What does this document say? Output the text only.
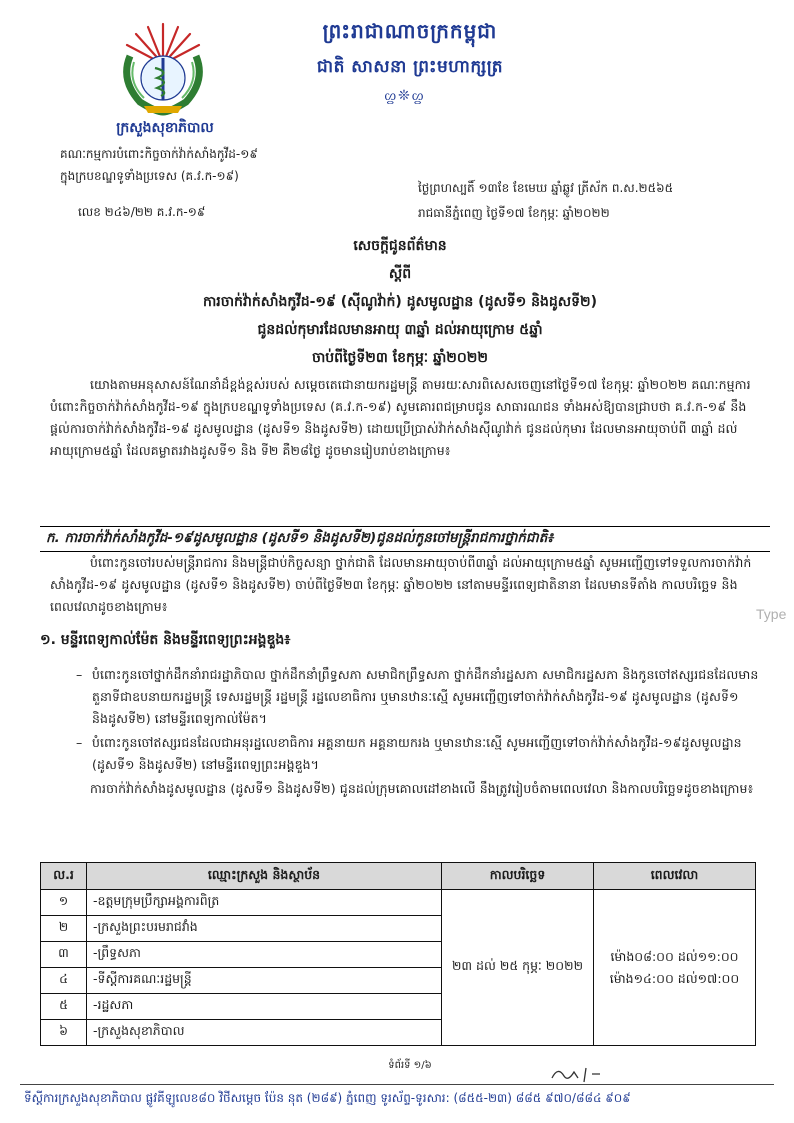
ព្រះរាជាណាចក្រកម្ពុជា
ជាតិ សាសនា ព្រះមហាក្សត្រ
ᦛ❊ᦛ
ក្រសួងសុខាភិបាល
គណៈកម្មការបំពោះកិច្ចចាក់វ៉ាក់សាំងកូវីដ-១៩
ក្នុងក្របខណ្ឌទូទាំងប្រទេស (គ.វ.ក-១៩)
លេខ ២៤៦/២២ គ.វ.ក-១៩
ថ្ងៃព្រហស្បតិ៍ ១៣ខែ ខែមេឃ ឆ្នាំឆ្លូវ ត្រីស័ក ព.ស.២៥៦៥
រាជធានីភ្នំពេញ ថ្ងៃទី១៧ ខែកុម្ភៈ ឆ្នាំ២០២២
សេចក្តីជូនព័ត៌មាន
ស្តីពី
ការចាក់វ៉ាក់សាំងកូវីដ-១៩ (ស៊ីណូវ៉ាក់) ដូសមូលដ្ឋាន (ដូសទី១ និងដូសទី២)
ជូនដល់កុមារដែលមានអាយុ ៣ឆ្នាំ ដល់អាយុក្រោម ៥ឆ្នាំ
ចាប់ពីថ្ងៃទី២៣ ខែកុម្ភៈ ឆ្នាំ២០២២

យោងតាមអនុសាសន៍ណែនាំដ៏ខ្ពង់ខ្ពស់របស់ សម្តេចតេជោនាយករដ្ឋមន្ត្រី តាមរយៈសារពិសេសចេញនៅថ្ងៃទី១៧ ខែកុម្ភៈ ឆ្នាំ២០២២ គណៈកម្មការបំពោះកិច្ចចាក់វ៉ាក់សាំងកូវីដ-១៩ ក្នុងក្របខណ្ឌទូទាំងប្រទេស (គ.វ.ក-១៩) សូមគោរពជម្រាបជូន សាធារណជន ទាំងអស់ឱ្យបានជ្រាបថា គ.វ.ក-១៩ នឹងផ្តល់ការចាក់វ៉ាក់សាំងកូវីដ-១៩ ដូសមូលដ្ឋាន (ដូសទី១ និងដូសទី២) ដោយប្រើប្រាស់វ៉ាក់សាំងស៊ីណូវ៉ាក់ ជូនដល់កុមារ ដែលមានអាយុចាប់ពី ៣ឆ្នាំ ដល់អាយុក្រោម៥ឆ្នាំ ដែលគម្លាតរវាងដូសទី១ និង ទី២ គឺ២៨ថ្ងៃ ដូចមានរៀបរាប់ខាងក្រោម៖

ក. ការចាក់វ៉ាក់សាំងកូវីដ-១៩ដូសមូលដ្ឋាន (ដូសទី១ និងដូសទី២)ជូនដល់កូនចៅមន្ត្រីរាជការថ្នាក់ជាតិ៖

បំពោះកូនចៅរបស់មន្ត្រីរាជការ និងមន្ត្រីជាប់កិច្ចសន្យា ថ្នាក់ជាតិ ដែលមានអាយុចាប់ពី៣ឆ្នាំ ដល់អាយុក្រោម៥ឆ្នាំ សូមអញ្ជើញទៅទទួលការចាក់វ៉ាក់សាំងកូវីដ-១៩ ដូសមូលដ្ឋាន (ដូសទី១ និងដូសទី២) ចាប់ពីថ្ងៃទី២៣ ខែកុម្ភៈ ឆ្នាំ២០២២ នៅតាមមន្ទីរពេទ្យជាតិនានា ដែលមានទីតាំង កាលបរិច្ឆេទ និងពេលវេលាដូចខាងក្រោម៖	Type
១. មន្ទីរពេទ្យកាល់ម៉ែត និងមន្ទីរពេទ្យព្រះអង្គឌួង៖
– បំពោះកូនចៅថ្នាក់ដឹកនាំរាជរដ្ឋាភិបាល ថ្នាក់ដឹកនាំព្រឹទ្ធសភា សមាជិកព្រឹទ្ធសភា ថ្នាក់ដឹកនាំរដ្ឋសភា សមាជិករដ្ឋសភា និងកូនចៅឥស្សរជនដែលមានតួនាទីជាឧបនាយករដ្ឋមន្ត្រី ទេសរដ្ឋមន្ត្រី រដ្ឋមន្ត្រី រដ្ឋលេខាធិការ ឬមានឋានៈស្មើ សូមអញ្ជើញទៅចាក់វ៉ាក់សាំងកូវីដ-១៩ ដូសមូលដ្ឋាន (ដូសទី១ និងដូសទី២) នៅមន្ទីរពេទ្យកាល់ម៉ែត។
– បំពោះកូនចៅឥស្សរជនដែលជាអនុរដ្ឋលេខាធិការ អគ្គនាយក អគ្គនាយករង ឬមានឋានៈស្មើ សូមអញ្ជើញទៅចាក់វ៉ាក់សាំងកូវីដ-១៩ដូសមូលដ្ឋាន (ដូសទី១ និងដូសទី២) នៅមន្ទីរពេទ្យព្រះអង្គឌួង។

ការចាក់វ៉ាក់សាំងដូសមូលដ្ឋាន (ដូសទី១ និងដូសទី២) ជូនដល់ក្រុមគោលដៅខាងលើ នឹងត្រូវរៀបចំតាមពេលវេលា និងកាលបរិច្ឆេទដូចខាងក្រោម៖

ល.រ	ឈ្មោះក្រសួង និងស្ថាប័ន	កាលបរិច្ឆេទ	ពេលវេលា
១	-ឧត្តមក្រុមប្រឹក្សាអង្គការពិត្រ	២៣ ដល់ ២៥ កុម្ភៈ ២០២២	ម៉ោង០៨:០០ ដល់១១:០០
ម៉ោង១៤:០០ ដល់១៧:០០

២	-ក្រសួងព្រះបរមរាជវាំង		
៣	-ព្រឹទ្ធសភា		
៤	-ទីស្តីការគណៈរដ្ឋមន្ត្រី		
៥	-រដ្ឋសភា		
៦	-ក្រសួងសុខាភិបាល		
ទំព័រទី ១/៦
ទីស្តីការក្រសួងសុខាភិបាល ផ្លូវគីឡូលេខ៨០ វិថីសម្តេច ប៉ែន នុត (២៨៩) ភ្នំពេញ ទូរស័ព្ទ-ទូរសារ: (៨៥៥-២៣) ៨៨៥ ៩៧០/៨៨៤ ៩០៩
